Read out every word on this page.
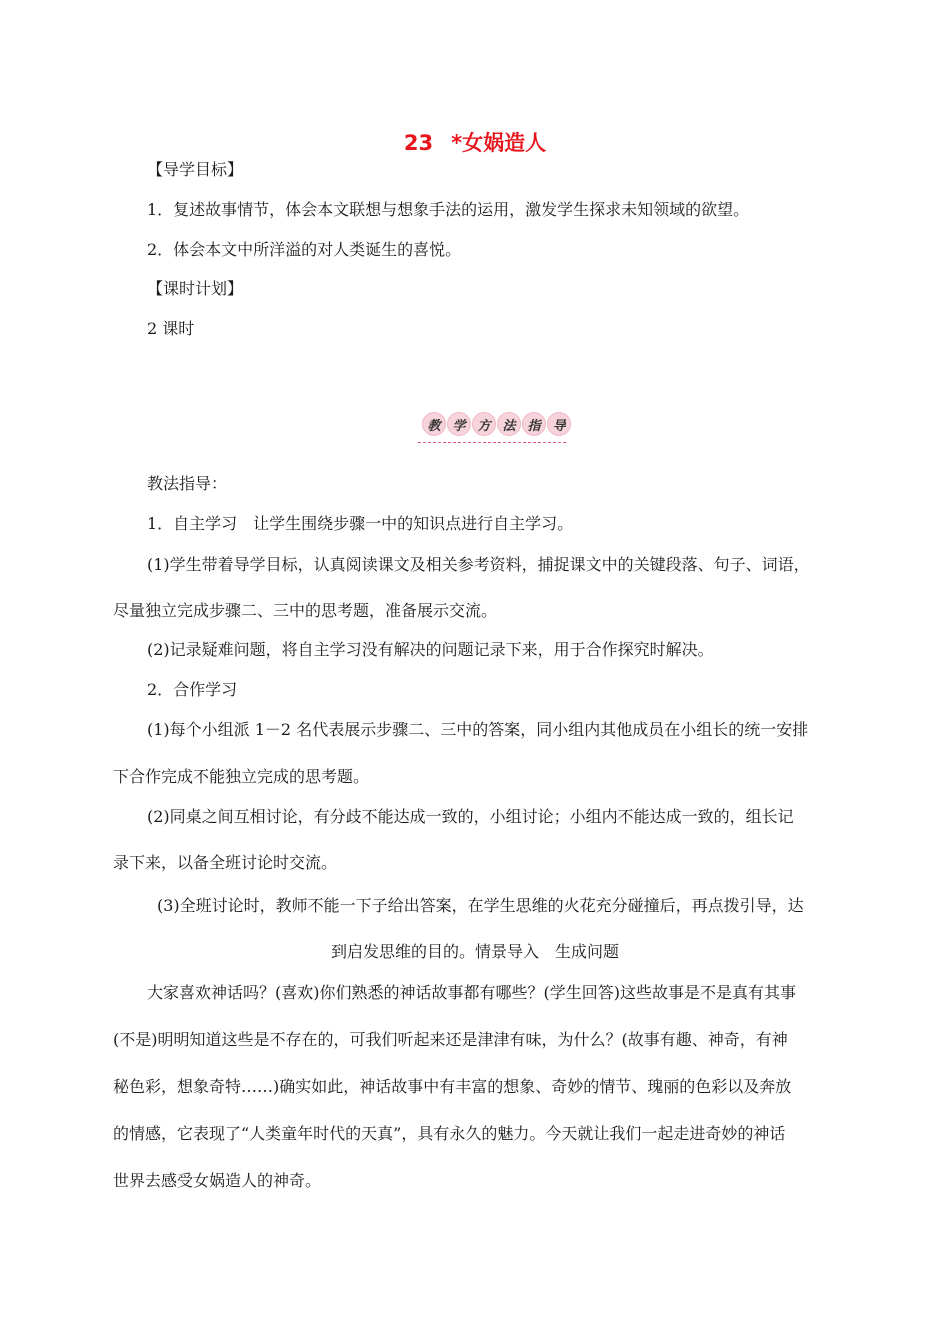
23 *女娲造人
【导学目标】
1．复述故事情节，体会本文联想与想象手法的运用，激发学生探求未知领域的欲望。
2．体会本文中所洋溢的对人类诞生的喜悦。
【课时计划】
2 课时
教 学 方 法 指 导
教法指导：
1．自主学习　让学生围绕步骤一中的知识点进行自主学习。
(1)学生带着导学目标，认真阅读课文及相关参考资料，捕捉课文中的关键段落、句子、词语，
尽量独立完成步骤二、三中的思考题，准备展示交流。
(2)记录疑难问题，将自主学习没有解决的问题记录下来，用于合作探究时解决。
2．合作学习
(1)每个小组派 1－2 名代表展示步骤二、三中的答案，同小组内其他成员在小组长的统一安排
下合作完成不能独立完成的思考题。
(2)同桌之间互相讨论，有分歧不能达成一致的，小组讨论；小组内不能达成一致的，组长记
录下来，以备全班讨论时交流。
(3)全班讨论时，教师不能一下子给出答案，在学生思维的火花充分碰撞后，再点拨引导，达
到启发思维的目的。情景导入　生成问题
大家喜欢神话吗？(喜欢)你们熟悉的神话故事都有哪些？(学生回答)这些故事是不是真有其事
(不是)明明知道这些是不存在的，可我们听起来还是津津有味，为什么？(故事有趣、神奇，有神
秘色彩，想象奇特……)确实如此，神话故事中有丰富的想象、奇妙的情节、瑰丽的色彩以及奔放
的情感，它表现了“人类童年时代的天真”，具有永久的魅力。今天就让我们一起走进奇妙的神话
世界去感受女娲造人的神奇。
